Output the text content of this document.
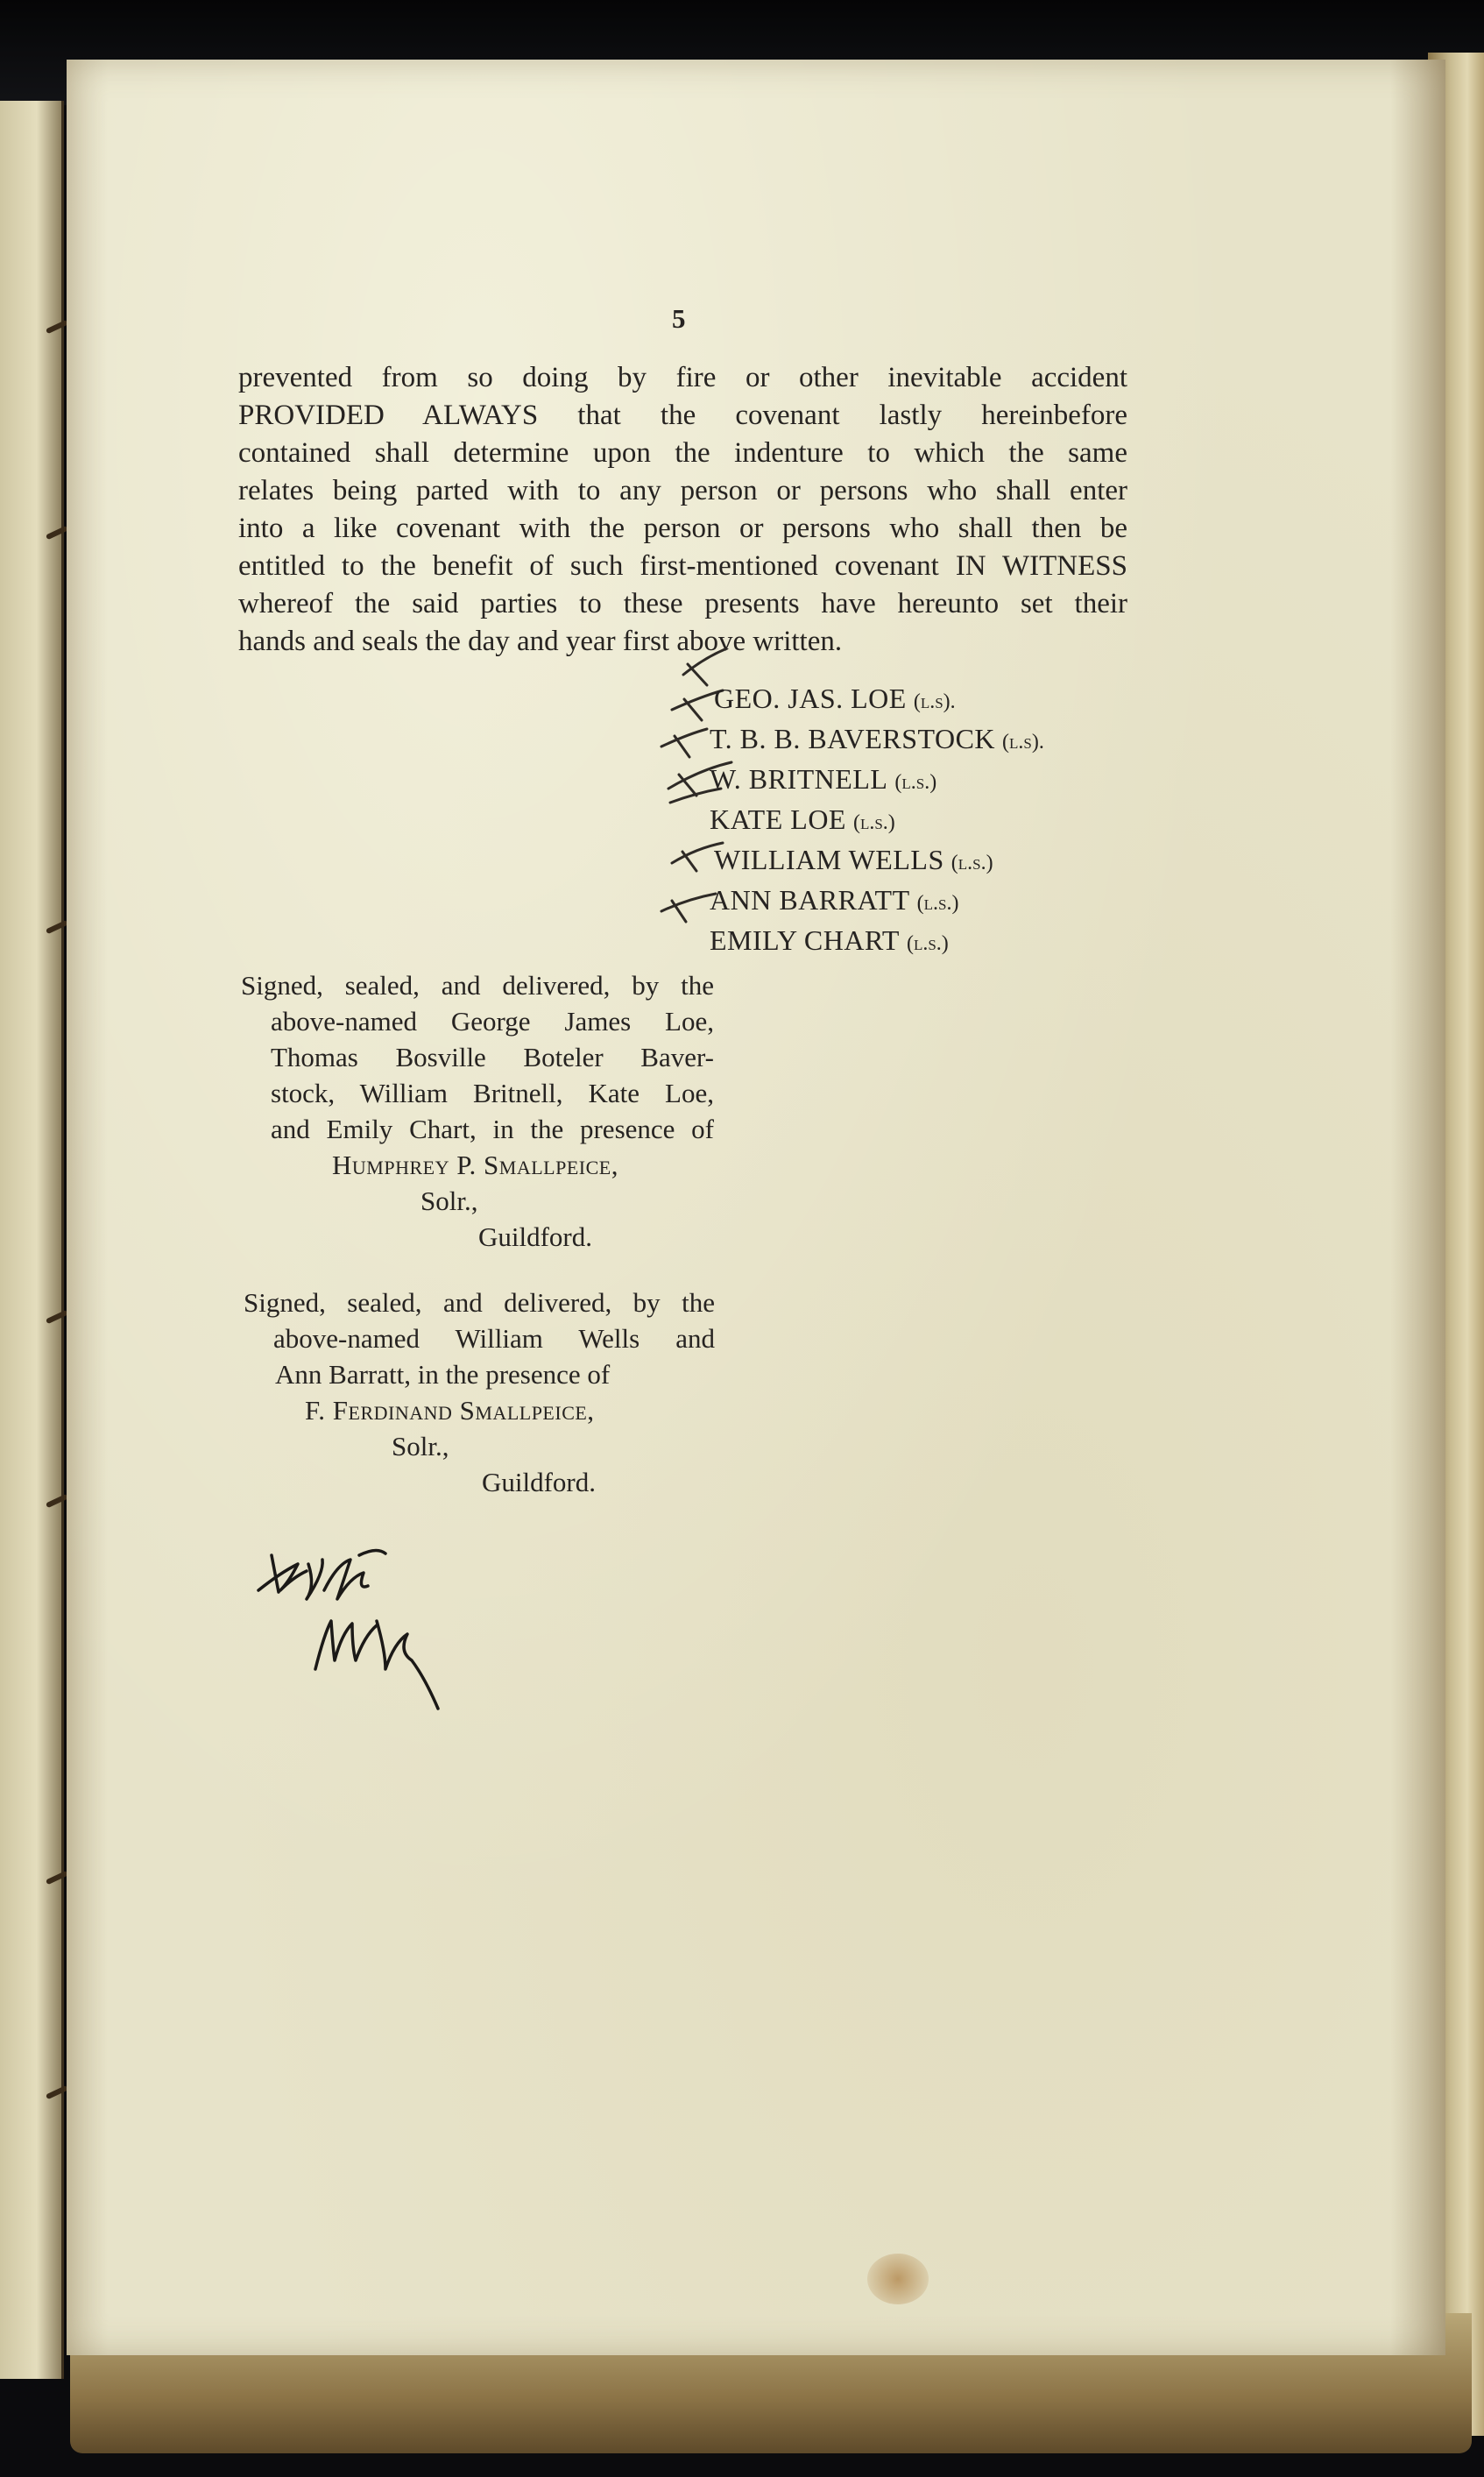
5
prevented from so doing by fire or other inevitable accident
PROVIDED ALWAYS that the covenant lastly hereinbefore
contained shall determine upon the indenture to which the same
relates being parted with to any person or persons who shall enter
into a like covenant with the person or persons who shall then be
entitled to the benefit of such first-mentioned covenant IN WITNESS
whereof the said parties to these presents have hereunto set their
hands and seals the day and year first above written.
GEO. JAS. LOE (l.s).
T. B. B. BAVERSTOCK (l.s).
W. BRITNELL (l.s.)
KATE LOE (l.s.)
WILLIAM WELLS (l.s.)
ANN BARRATT (l.s.)
EMILY CHART (l.s.)
Signed, sealed, and delivered, by the
above-named George James Loe,
Thomas Bosville Boteler Baver-
stock, William Britnell, Kate Loe,
and Emily Chart, in the presence of
Humphrey P. Smallpeice,
Solr.,
Guildford.
Signed, sealed, and delivered, by the
above-named William Wells and
Ann Barratt, in the presence of
F. Ferdinand Smallpeice,
Solr.,
Guildford.
